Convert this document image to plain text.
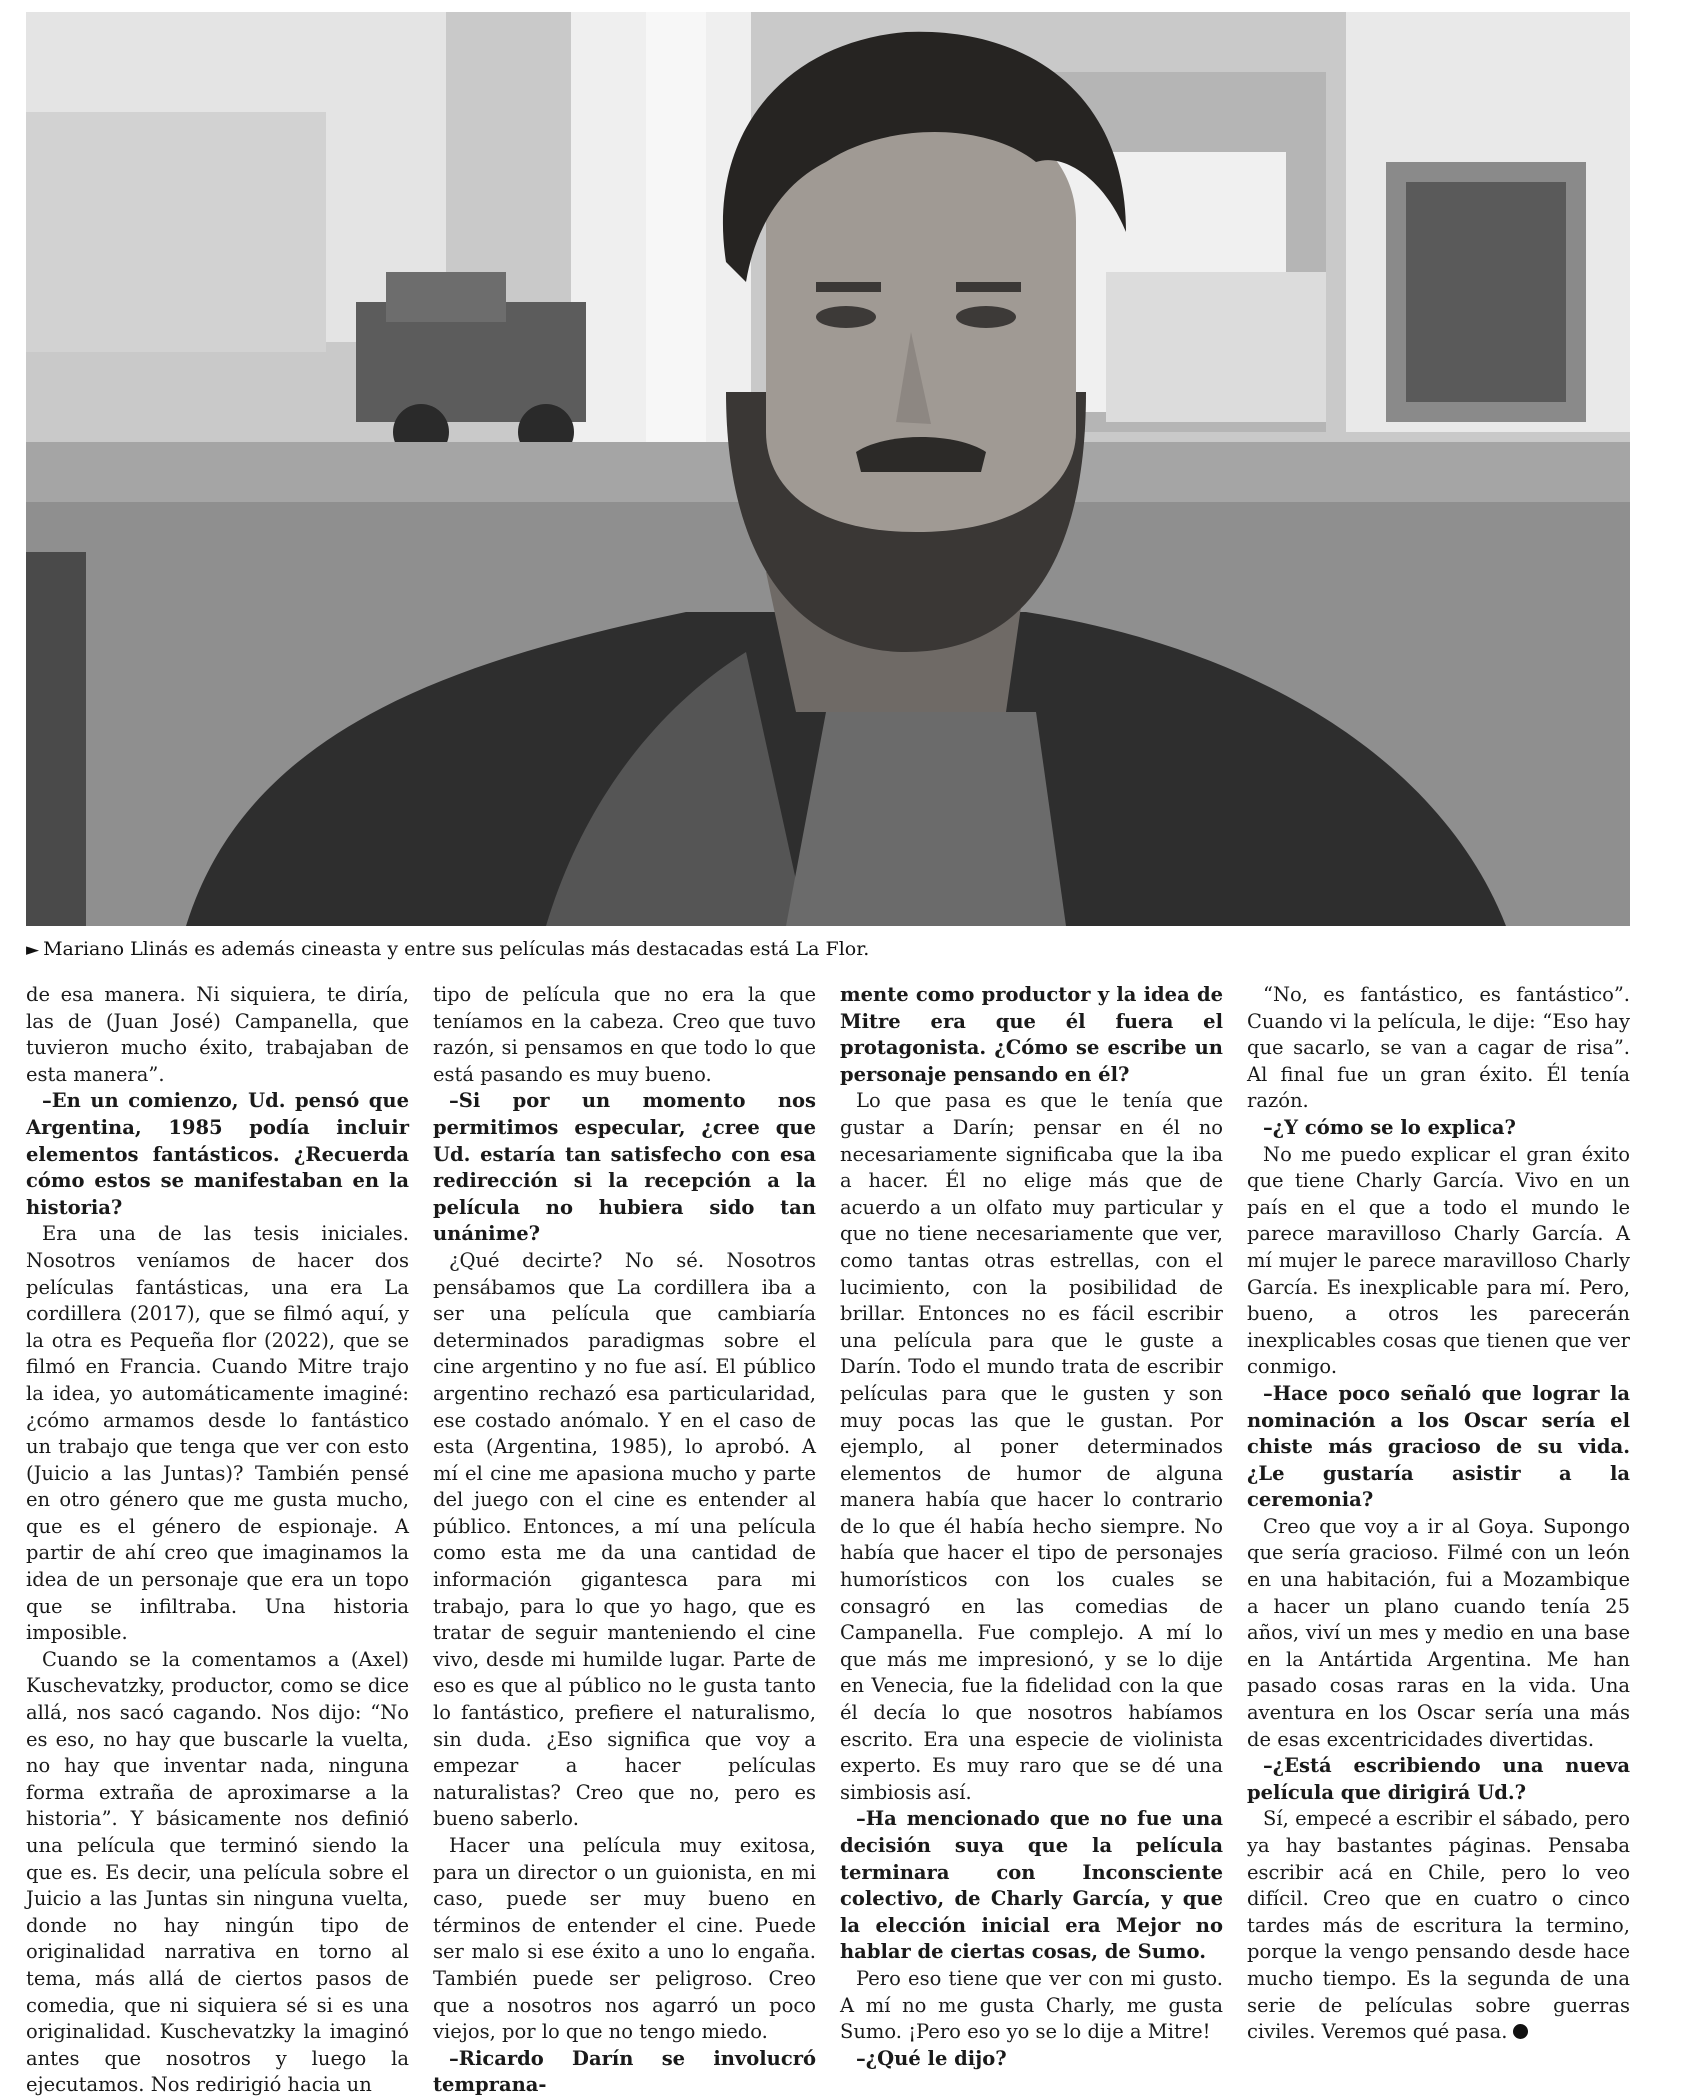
► Mariano Llinás es además cineasta y entre sus películas más destacadas está La Flor.

de esa manera. Ni siquiera, te diría, las de (Juan José) Campanella, que tuvieron mucho éxito, trabajaban de esta manera”.

–En un comienzo, Ud. pensó que Argentina, 1985 podía incluir elementos fantásticos. ¿Recuerda cómo estos se manifestaban en la historia?

Era una de las tesis iniciales. Nosotros veníamos de hacer dos películas fantásticas, una era La cordillera (2017), que se filmó aquí, y la otra es Pequeña flor (2022), que se filmó en Francia. Cuando Mitre trajo la idea, yo automáticamente imaginé: ¿cómo armamos desde lo fantástico un trabajo que tenga que ver con esto (Juicio a las Juntas)? También pensé en otro género que me gusta mucho, que es el género de espionaje. A partir de ahí creo que imaginamos la idea de un personaje que era un topo que se infiltraba. Una historia imposible.

Cuando se la comentamos a (Axel) Kuschevatzky, productor, como se dice allá, nos sacó cagando. Nos dijo: “No es eso, no hay que buscarle la vuelta, no hay que inventar nada, ninguna forma extraña de aproximarse a la historia”. Y básicamente nos definió una película que terminó siendo la que es. Es decir, una película sobre el Juicio a las Juntas sin ninguna vuelta, donde no hay ningún tipo de originalidad narrativa en torno al tema, más allá de ciertos pasos de comedia, que ni siquiera sé si es una originalidad. Kuschevatzky la imaginó antes que nosotros y luego la ejecutamos. Nos redirigió hacia un

tipo de película que no era la que teníamos en la cabeza. Creo que tuvo razón, si pensamos en que todo lo que está pasando es muy bueno.

–Si por un momento nos permitimos especular, ¿cree que Ud. estaría tan satisfecho con esa redirección si la recepción a la película no hubiera sido tan unánime?

¿Qué decirte? No sé. Nosotros pensábamos que La cordillera iba a ser una película que cambiaría determinados paradigmas sobre el cine argentino y no fue así. El público argentino rechazó esa particularidad, ese costado anómalo. Y en el caso de esta (Argentina, 1985), lo aprobó. A mí el cine me apasiona mucho y parte del juego con el cine es entender al público. Entonces, a mí una película como esta me da una cantidad de información gigantesca para mi trabajo, para lo que yo hago, que es tratar de seguir manteniendo el cine vivo, desde mi humilde lugar. Parte de eso es que al público no le gusta tanto lo fantástico, prefiere el naturalismo, sin duda. ¿Eso significa que voy a empezar a hacer películas naturalistas? Creo que no, pero es bueno saberlo.

Hacer una película muy exitosa, para un director o un guionista, en mi caso, puede ser muy bueno en términos de entender el cine. Puede ser malo si ese éxito a uno lo engaña. También puede ser peligroso. Creo que a nosotros nos agarró un poco viejos, por lo que no tengo miedo.

–Ricardo Darín se involucró temprana-

mente como productor y la idea de Mitre era que él fuera el protagonista. ¿Cómo se escribe un personaje pensando en él?

Lo que pasa es que le tenía que gustar a Darín; pensar en él no necesariamente significaba que la iba a hacer. Él no elige más que de acuerdo a un olfato muy particular y que no tiene necesariamente que ver, como tantas otras estrellas, con el lucimiento, con la posibilidad de brillar. Entonces no es fácil escribir una película para que le guste a Darín. Todo el mundo trata de escribir películas para que le gusten y son muy pocas las que le gustan. Por ejemplo, al poner determinados elementos de humor de alguna manera había que hacer lo contrario de lo que él había hecho siempre. No había que hacer el tipo de personajes humorísticos con los cuales se consagró en las comedias de Campanella. Fue complejo. A mí lo que más me impresionó, y se lo dije en Venecia, fue la fidelidad con la que él decía lo que nosotros habíamos escrito. Era una especie de violinista experto. Es muy raro que se dé una simbiosis así.

–Ha mencionado que no fue una decisión suya que la película terminara con Inconsciente colectivo, de Charly García, y que la elección inicial era Mejor no hablar de ciertas cosas, de Sumo.

Pero eso tiene que ver con mi gusto. A mí no me gusta Charly, me gusta Sumo. ¡Pero eso yo se lo dije a Mitre!

–¿Qué le dijo?

“No, es fantástico, es fantástico”. Cuando vi la película, le dije: “Eso hay que sacarlo, se van a cagar de risa”. Al final fue un gran éxito. Él tenía razón.

–¿Y cómo se lo explica?

No me puedo explicar el gran éxito que tiene Charly García. Vivo en un país en el que a todo el mundo le parece maravilloso Charly García. A mí mujer le parece maravilloso Charly García. Es inexplicable para mí. Pero, bueno, a otros les parecerán inexplicables cosas que tienen que ver conmigo.

–Hace poco señaló que lograr la nominación a los Oscar sería el chiste más gracioso de su vida. ¿Le gustaría asistir a la ceremonia?

Creo que voy a ir al Goya. Supongo que sería gracioso. Filmé con un león en una habitación, fui a Mozambique a hacer un plano cuando tenía 25 años, viví un mes y medio en una base en la Antártida Argentina. Me han pasado cosas raras en la vida. Una aventura en los Oscar sería una más de esas excentricidades divertidas.

–¿Está escribiendo una nueva película que dirigirá Ud.?

Sí, empecé a escribir el sábado, pero ya hay bastantes páginas. Pensaba escribir acá en Chile, pero lo veo difícil. Creo que en cuatro o cinco tardes más de escritura la termino, porque la vengo pensando desde hace mucho tiempo. Es la segunda de una serie de películas sobre guerras civiles. Veremos qué pasa.
